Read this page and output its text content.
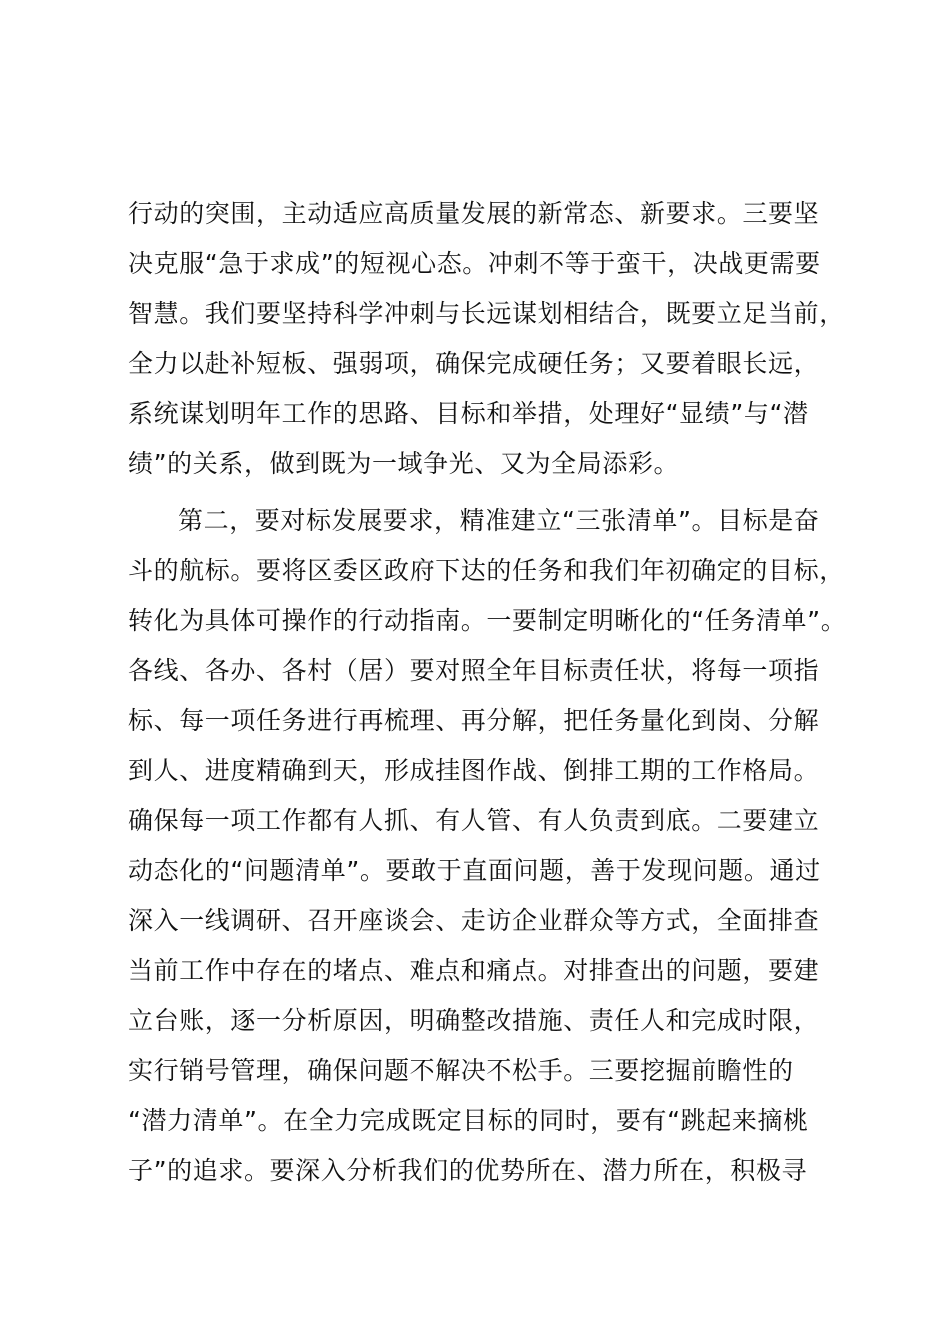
行动的突围，主动适应高质量发展的新常态、新要求。三要坚
决克服“急于求成”的短视心态。冲刺不等于蛮干，决战更需要
智慧。我们要坚持科学冲刺与长远谋划相结合，既要立足当前，
全力以赴补短板、强弱项，确保完成硬任务；又要着眼长远，
系统谋划明年工作的思路、目标和举措，处理好“显绩”与“潜
绩”的关系，做到既为一域争光、又为全局添彩。
第二，要对标发展要求，精准建立“三张清单”。目标是奋
斗的航标。要将区委区政府下达的任务和我们年初确定的目标，
转化为具体可操作的行动指南。一要制定明晰化的“任务清单”。
各线、各办、各村（居）要对照全年目标责任状，将每一项指
标、每一项任务进行再梳理、再分解，把任务量化到岗、分解
到人、进度精确到天，形成挂图作战、倒排工期的工作格局。
确保每一项工作都有人抓、有人管、有人负责到底。二要建立
动态化的“问题清单”。要敢于直面问题，善于发现问题。通过
深入一线调研、召开座谈会、走访企业群众等方式，全面排查
当前工作中存在的堵点、难点和痛点。对排查出的问题，要建
立台账，逐一分析原因，明确整改措施、责任人和完成时限，
实行销号管理，确保问题不解决不松手。三要挖掘前瞻性的
“潜力清单”。在全力完成既定目标的同时，要有“跳起来摘桃
子”的追求。要深入分析我们的优势所在、潜力所在，积极寻
